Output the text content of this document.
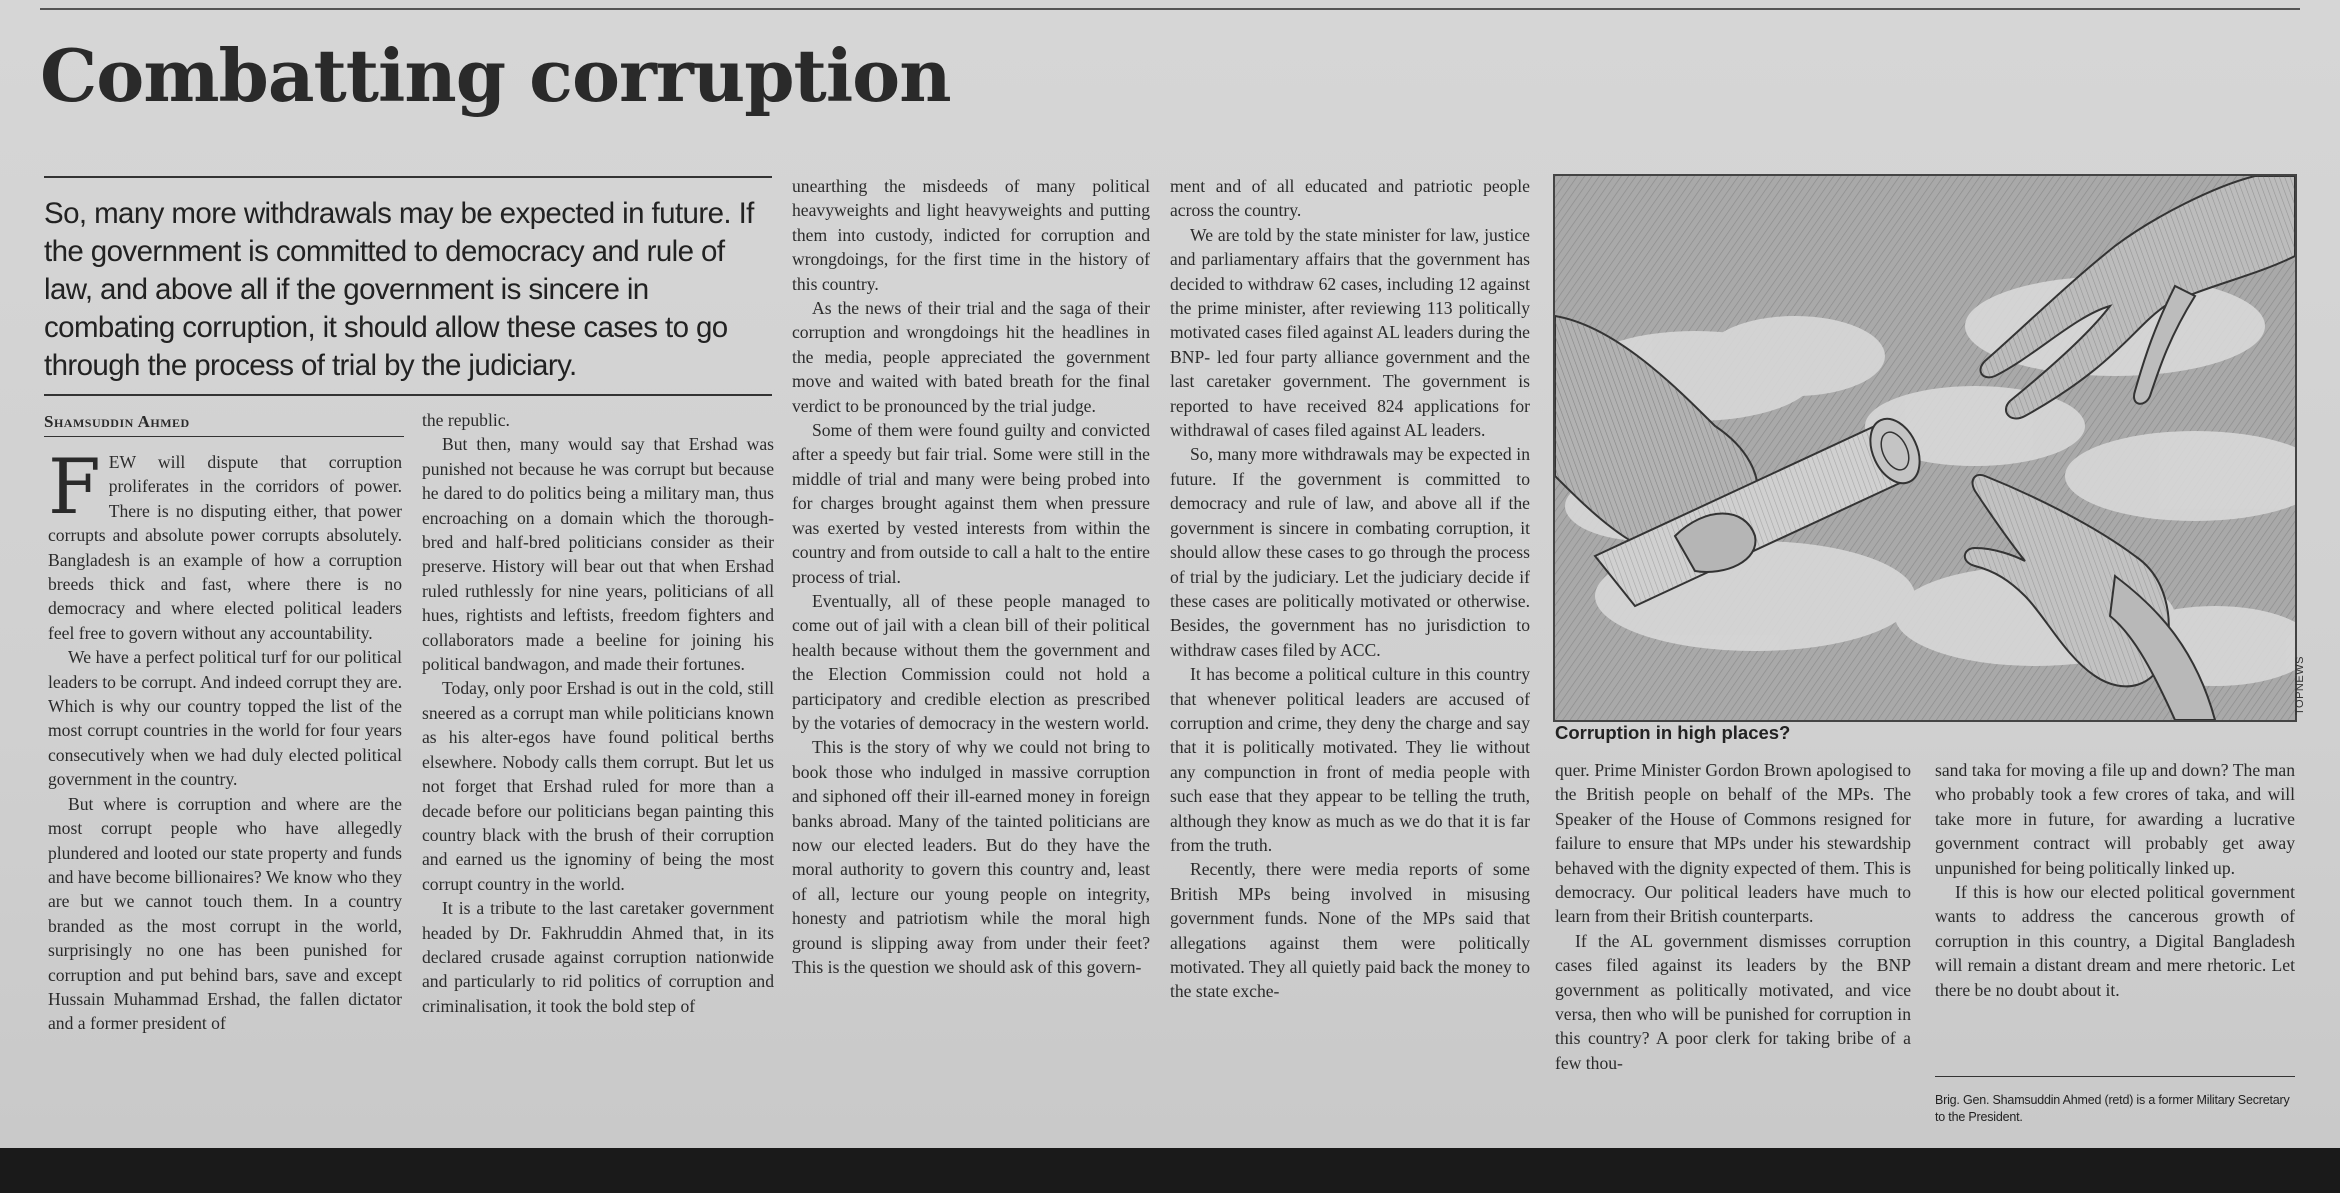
Combatting corruption
So, many more withdrawals may be expected in future. If the government is committed to democracy and rule of law, and above all if the government is sincere in combating corruption, it should allow these cases to go through the process of trial by the judiciary.
Shamsuddin Ahmed

FEW will dispute that corruption proliferates in the corridors of power. There is no disputing either, that power corrupts and absolute power corrupts absolutely. Bangladesh is an example of how a corruption breeds thick and fast, where there is no democracy and where elected political leaders feel free to govern without any accountability.

We have a perfect political turf for our political leaders to be corrupt. And indeed corrupt they are. Which is why our country topped the list of the most corrupt countries in the world for four years consecutively when we had duly elected political government in the country.

But where is corruption and where are the most corrupt people who have allegedly plundered and looted our state property and funds and have become billionaires? We know who they are but we cannot touch them. In a country branded as the most corrupt in the world, surprisingly no one has been punished for corruption and put behind bars, save and except Hussain Muhammad Ershad, the fallen dictator and a former president of

the republic.

But then, many would say that Ershad was punished not because he was corrupt but because he dared to do politics being a military man, thus encroaching on a domain which the thorough-bred and half-bred politicians consider as their preserve. History will bear out that when Ershad ruled ruthlessly for nine years, politicians of all hues, rightists and leftists, freedom fighters and collaborators made a beeline for joining his political bandwagon, and made their fortunes.

Today, only poor Ershad is out in the cold, still sneered as a corrupt man while politicians known as his alter-egos have found political berths elsewhere. Nobody calls them corrupt. But let us not forget that Ershad ruled for more than a decade before our politicians began painting this country black with the brush of their corruption and earned us the ignominy of being the most corrupt country in the world.

It is a tribute to the last caretaker government headed by Dr. Fakhruddin Ahmed that, in its declared crusade against corruption nationwide and particularly to rid politics of corruption and criminalisation, it took the bold step of

unearthing the misdeeds of many political heavyweights and light heavyweights and putting them into custody, indicted for corruption and wrongdoings, for the first time in the history of this country.

As the news of their trial and the saga of their corruption and wrongdoings hit the headlines in the media, people appreciated the government move and waited with bated breath for the final verdict to be pronounced by the trial judge.

Some of them were found guilty and convicted after a speedy but fair trial. Some were still in the middle of trial and many were being probed into for charges brought against them when pressure was exerted by vested interests from within the country and from outside to call a halt to the entire process of trial.

Eventually, all of these people managed to come out of jail with a clean bill of their political health because without them the government and the Election Commission could not hold a participatory and credible election as prescribed by the votaries of democracy in the western world.

This is the story of why we could not bring to book those who indulged in massive corruption and siphoned off their ill-earned money in foreign banks abroad. Many of the tainted politicians are now our elected leaders. But do they have the moral authority to govern this country and, least of all, lecture our young people on integrity, honesty and patriotism while the moral high ground is slipping away from under their feet? This is the question we should ask of this govern-

ment and of all educated and patriotic people across the country.

We are told by the state minister for law, justice and parliamentary affairs that the government has decided to withdraw 62 cases, including 12 against the prime minister, after reviewing 113 politically motivated cases filed against AL leaders during the BNP- led four party alliance government and the last caretaker government. The government is reported to have received 824 applications for withdrawal of cases filed against AL leaders.

So, many more withdrawals may be expected in future. If the government is committed to democracy and rule of law, and above all if the government is sincere in combating corruption, it should allow these cases to go through the process of trial by the judiciary. Let the judiciary decide if these cases are politically motivated or otherwise. Besides, the government has no jurisdiction to withdraw cases filed by ACC.

It has become a political culture in this country that whenever political leaders are accused of corruption and crime, they deny the charge and say that it is politically motivated. They lie without any compunction in front of media people with such ease that they appear to be telling the truth, although they know as much as we do that it is far from the truth.

Recently, there were media reports of some British MPs being involved in misusing government funds. None of the MPs said that allegations against them were politically motivated. They all quietly paid back the money to the state exche-

TOPNEWS
Corruption in high places?

quer. Prime Minister Gordon Brown apologised to the British people on behalf of the MPs. The Speaker of the House of Commons resigned for failure to ensure that MPs under his stewardship behaved with the dignity expected of them. This is democracy. Our political leaders have much to learn from their British counterparts.

If the AL government dismisses corruption cases filed against its leaders by the BNP government as politically motivated, and vice versa, then who will be punished for corruption in this country? A poor clerk for taking bribe of a few thou-

sand taka for moving a file up and down? The man who probably took a few crores of taka, and will take more in future, for awarding a lucrative government contract will probably get away unpunished for being politically linked up.

If this is how our elected political government wants to address the cancerous growth of corruption in this country, a Digital Bangladesh will remain a distant dream and mere rhetoric. Let there be no doubt about it.

Brig. Gen. Shamsuddin Ahmed (retd) is a former Military Secretary to the President.
